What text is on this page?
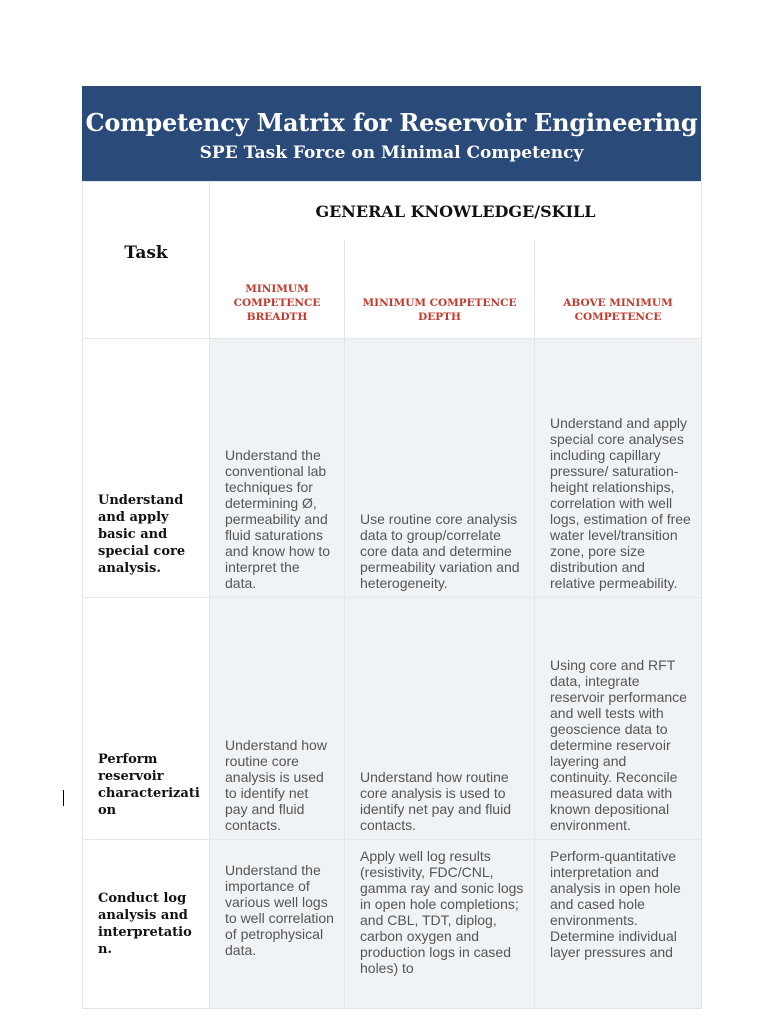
Competency Matrix for Reservoir Engineering
SPE Task Force on Minimal Competency
Task	GENERAL KNOWLEDGE/SKILL		
	MINIMUM COMPETENCE BREADTH	MINIMUM COMPETENCE DEPTH	ABOVE MINIMUM COMPETENCE
Understand and apply basic and special core analysis.	Understand the conventional lab techniques for determining Ø, permeability and fluid saturations and know how to interpret the data.	Use routine core analysis data to group/correlate core data and determine permeability variation and heterogeneity.	Understand and apply special core analyses including capillary pressure/ saturation-height relationships, correlation with well logs, estimation of free water level/transition zone, pore size distribution and relative permeability.
Perform reservoir characterizati on	Understand how routine core analysis is used to identify net pay and fluid contacts.	Understand how routine core analysis is used to identify net pay and fluid contacts.	Using core and RFT data, integrate reservoir performance and well tests with geoscience data to determine reservoir layering and continuity. Reconcile measured data with known depositional environment.
Conduct log analysis and interpretatio n.	Understand the importance of various well logs to well correlation of petrophysical data.	Apply well log results (resistivity, FDC/CNL, gamma ray and sonic logs in open hole completions; and CBL, TDT, diplog, carbon oxygen and production logs in cased holes) to	Perform-quantitative interpretation and analysis in open hole and cased hole environments. Determine individual layer pressures and
